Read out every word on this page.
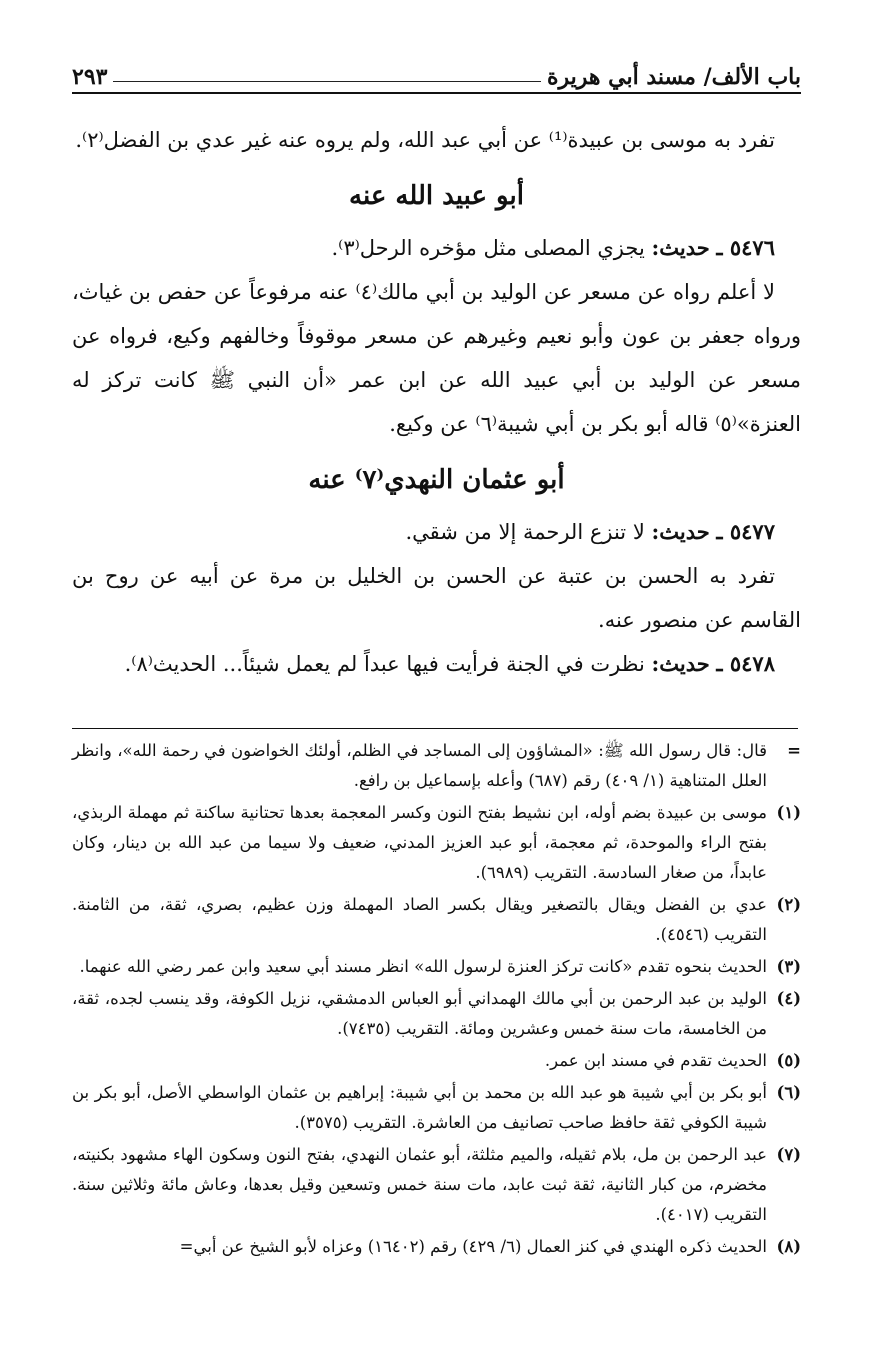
باب الألف/ مسند أبي هريرة
٢٩٣

تفرد به موسى بن عبيدة⁽¹⁾ عن أبي عبد الله، ولم يروه عنه غير عدي بن الفضل⁽٢⁾.

أبو عبيد الله عنه

٥٤٧٦ ـ حديث: يجزي المصلى مثل مؤخره الرحل⁽٣⁾.

لا أعلم رواه عن مسعر عن الوليد بن أبي مالك⁽٤⁾ عنه مرفوعاً عن حفص بن غياث، ورواه جعفر بن عون وأبو نعيم وغيرهم عن مسعر موقوفاً وخالفهم وكيع، فرواه عن مسعر عن الوليد بن أبي عبيد الله عن ابن عمر «أن النبي ﷺ كانت تركز له العنزة»⁽٥⁾ قاله أبو بكر بن أبي شيبة⁽٦⁾ عن وكيع.

أبو عثمان النهدي⁽٧⁾ عنه

٥٤٧٧ ـ حديث: لا تنزع الرحمة إلا من شقي.

تفرد به الحسن بن عتبة عن الحسن بن الخليل بن مرة عن أبيه عن روح بن القاسم عن منصور عنه.

٥٤٧٨ ـ حديث: نظرت في الجنة فرأيت فيها عبداً لم يعمل شيئاً... الحديث⁽٨⁾.

=
قال: قال رسول الله ﷺ: «المشاؤون إلى المساجد في الظلم، أولئك الخواضون في رحمة الله»، وانظر العلل المتناهية (١/ ٤٠٩) رقم (٦٨٧) وأعله بإسماعيل بن رافع.
(١)
موسى بن عبيدة بضم أوله، ابن نشيط بفتح النون وكسر المعجمة بعدها تحتانية ساكنة ثم مهملة الربذي، بفتح الراء والموحدة، ثم معجمة، أبو عبد العزيز المدني، ضعيف ولا سيما من عبد الله بن دينار، وكان عابداً، من صغار السادسة. التقريب (٦٩٨٩).
(٢)
عدي بن الفضل ويقال بالتصغير ويقال بكسر الصاد المهملة وزن عظيم، بصري، ثقة، من الثامنة. التقريب (٤٥٤٦).
(٣)
الحديث بنحوه تقدم «كانت تركز العنزة لرسول الله» انظر مسند أبي سعيد وابن عمر رضي الله عنهما.
(٤)
الوليد بن عبد الرحمن بن أبي مالك الهمداني أبو العباس الدمشقي، نزيل الكوفة، وقد ينسب لجده، ثقة، من الخامسة، مات سنة خمس وعشرين ومائة. التقريب (٧٤٣٥).
(٥)
الحديث تقدم في مسند ابن عمر.
(٦)
أبو بكر بن أبي شيبة هو عبد الله بن محمد بن أبي شيبة: إبراهيم بن عثمان الواسطي الأصل، أبو بكر بن شيبة الكوفي ثقة حافظ صاحب تصانيف من العاشرة. التقريب (٣٥٧٥).
(٧)
عبد الرحمن بن مل، بلام ثقيله، والميم مثلثة، أبو عثمان النهدي، بفتح النون وسكون الهاء مشهود بكنيته، مخضرم، من كبار الثانية، ثقة ثبت عابد، مات سنة خمس وتسعين وقيل بعدها، وعاش مائة وثلاثين سنة. التقريب (٤٠١٧).
(٨)
الحديث ذكره الهندي في كنز العمال (٦/ ٤٢٩) رقم (١٦٤٠٢) وعزاه لأبو الشيخ عن أبي=
